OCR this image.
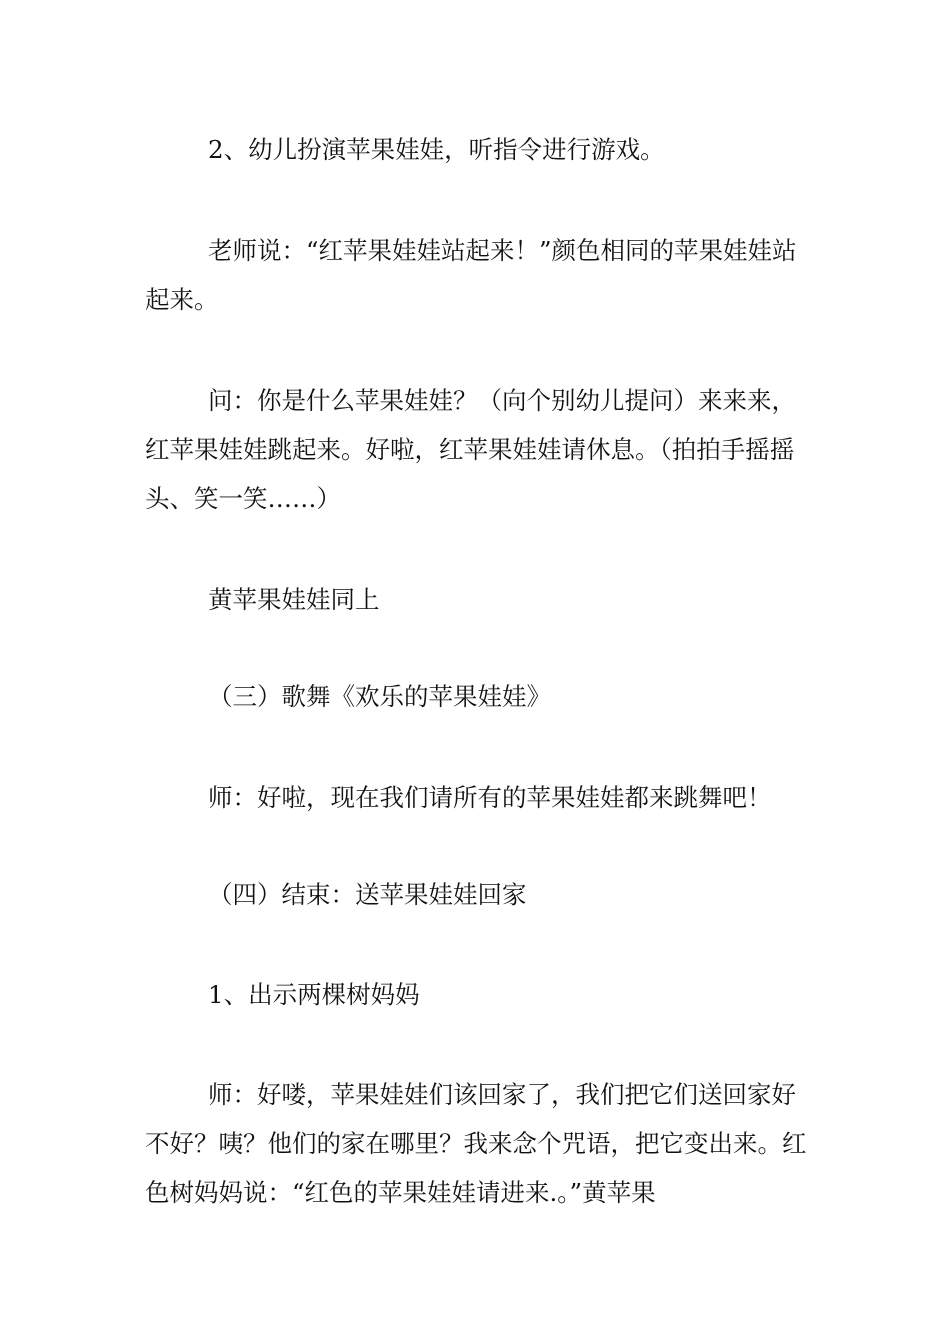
2、幼儿扮演苹果娃娃，听指令进行游戏。

老师说：“红苹果娃娃站起来！”颜色相同的苹果娃娃站起来。

问：你是什么苹果娃娃？（向个别幼儿提问）来来来，红苹果娃娃跳起来。好啦，红苹果娃娃请休息。（拍拍手摇摇头、笑一笑……）

黄苹果娃娃同上

（三）歌舞《欢乐的苹果娃娃》

师：好啦，现在我们请所有的苹果娃娃都来跳舞吧！

（四）结束：送苹果娃娃回家

1、出示两棵树妈妈

师：好喽，苹果娃娃们该回家了，我们把它们送回家好不好？咦？他们的家在哪里？我来念个咒语，把它变出来。红色树妈妈说：“红色的苹果娃娃请进来.。”黄苹果
